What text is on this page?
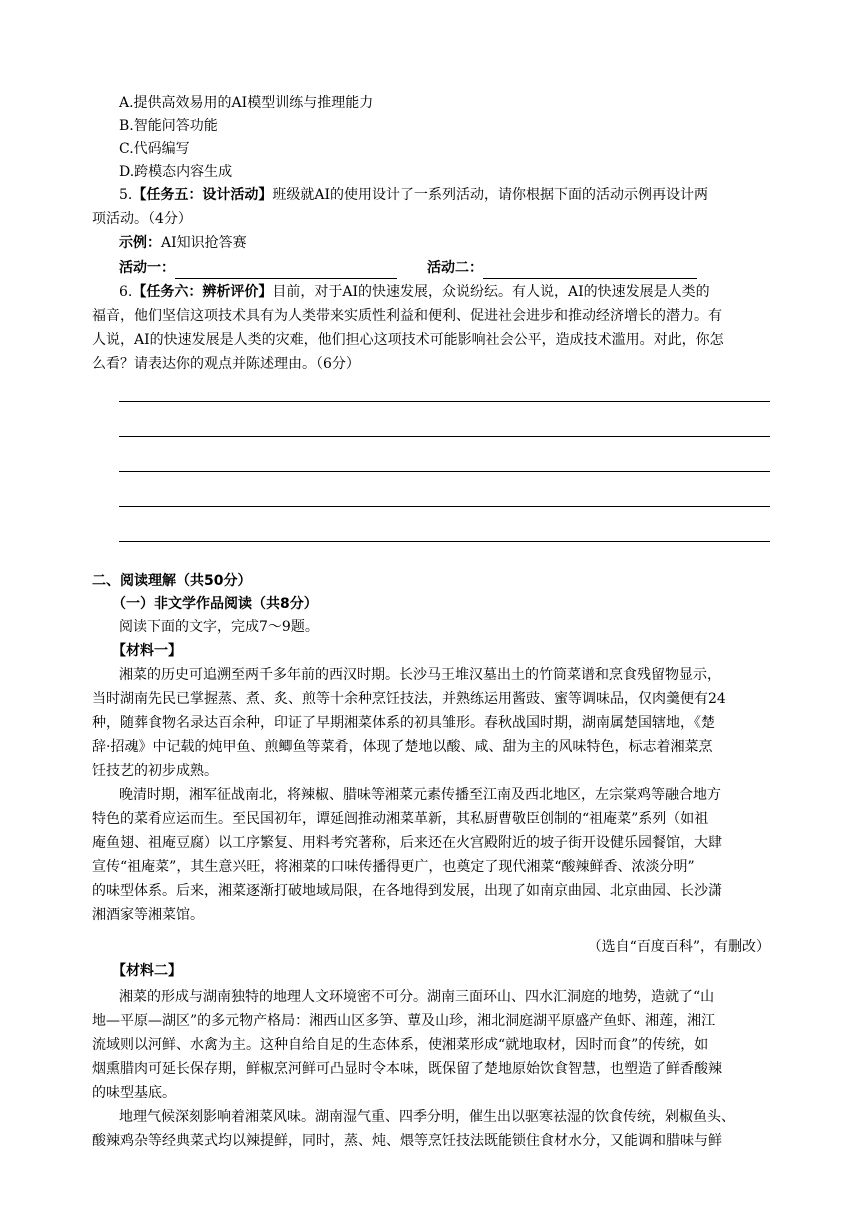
A.提供高效易用的AI模型训练与推理能力
B.智能问答功能
C.代码编写
D.跨模态内容生成
5.【任务五：设计活动】班级就AI的使用设计了一系列活动，请你根据下面的活动示例再设计两
项活动。（4分）
示例：AI知识抢答赛
活动一：	活动二：
6.【任务六：辨析评价】目前，对于AI的快速发展，众说纷纭。有人说，AI的快速发展是人类的
福音，他们坚信这项技术具有为人类带来实质性利益和便利、促进社会进步和推动经济增长的潜力。有
人说，AI的快速发展是人类的灾难，他们担心这项技术可能影响社会公平，造成技术滥用。对此，你怎
么看？请表达你的观点并陈述理由。（6分）
二、阅读理解（共50分）
（一）非文学作品阅读（共8分）
阅读下面的文字，完成7～9题。
【材料一】
湘菜的历史可追溯至两千多年前的西汉时期。长沙马王堆汉墓出土的竹筒菜谱和烹食残留物显示，
当时湖南先民已掌握蒸、煮、炙、煎等十余种烹饪技法，并熟练运用酱豉、蜜等调味品，仅肉羹便有24
种，随葬食物名录达百余种，印证了早期湘菜体系的初具雏形。春秋战国时期，湖南属楚国辖地，《楚
辞·招魂》中记载的炖甲鱼、煎鲫鱼等菜肴，体现了楚地以酸、咸、甜为主的风味特色，标志着湘菜烹
饪技艺的初步成熟。
晚清时期，湘军征战南北，将辣椒、腊味等湘菜元素传播至江南及西北地区，左宗棠鸡等融合地方
特色的菜肴应运而生。至民国初年，谭延闿推动湘菜革新，其私厨曹敬臣创制的“祖庵菜”系列（如祖
庵鱼翅、祖庵豆腐）以工序繁复、用料考究著称，后来还在火宫殿附近的坡子街开设健乐园餐馆，大肆
宣传“祖庵菜”，其生意兴旺，将湘菜的口味传播得更广，也奠定了现代湘菜“酸辣鲜香、浓淡分明”
的味型体系。后来，湘菜逐渐打破地域局限，在各地得到发展，出现了如南京曲园、北京曲园、长沙潇
湘酒家等湘菜馆。
（选自“百度百科”，有删改）
【材料二】
湘菜的形成与湖南独特的地理人文环境密不可分。湖南三面环山、四水汇洞庭的地势，造就了“山
地—平原—湖区”的多元物产格局：湘西山区多笋、蕈及山珍，湘北洞庭湖平原盛产鱼虾、湘莲，湘江
流域则以河鲜、水禽为主。这种自给自足的生态体系，使湘菜形成“就地取材，因时而食”的传统，如
烟熏腊肉可延长保存期，鲜椒烹河鲜可凸显时令本味，既保留了楚地原始饮食智慧，也塑造了鲜香酸辣
的味型基底。
地理气候深刻影响着湘菜风味。湖南湿气重、四季分明，催生出以驱寒祛湿的饮食传统，剁椒鱼头、
酸辣鸡杂等经典菜式均以辣提鲜，同时，蒸、炖、煨等烹饪技法既能锁住食材水分，又能调和腊味与鲜
